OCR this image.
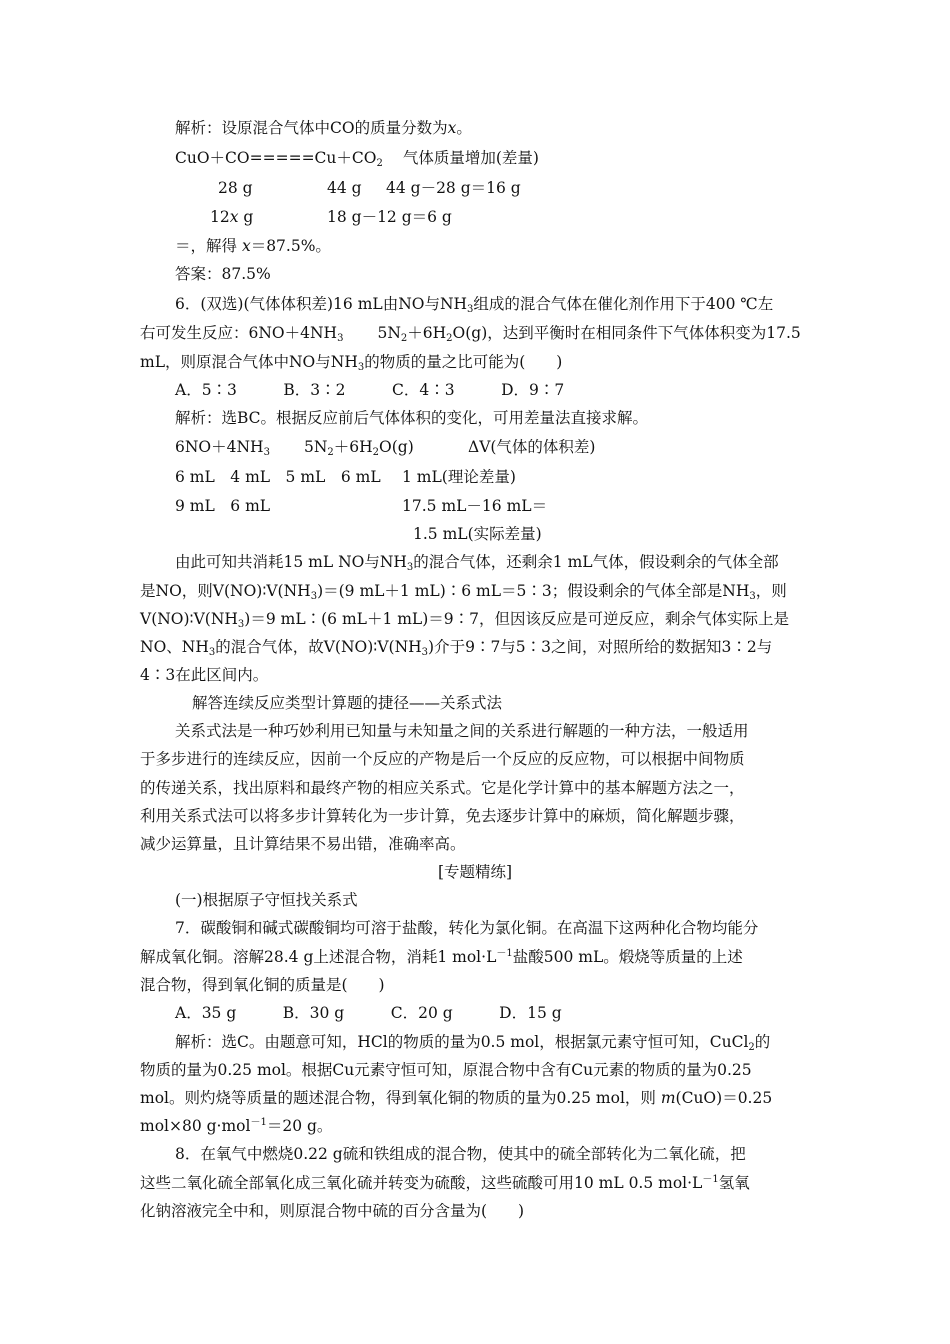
解析：设原混合气体中CO的质量分数为x。
$CuO+CO=====Cu+CO_2$ 气体质量增加(差量)
28 g	44 g 44 g－28 g＝16 g
12x g	18 g－12 g＝6 g
＝，解得 x＝87.5%。
答案：87.5%
6．(双选)(气体体积差)16 mL由NO与$NH_3$组成的混合气体在催化剂作用下于400 ℃左
右可发生反应：$6NO+4NH_3$ $5N_2+6H_2O(g)$，达到平衡时在相同条件下气体体积变为17.5
mL，则原混合气体中NO与$NH_3$的物质的量之比可能为(　　)
A．5∶3　　　B．3∶2　　　C．4∶3　　　D．9∶7
解析：选BC。根据反应前后气体体积的变化，可用差量法直接求解。
$6NO+4NH_3$ $5N_2+6H_2O(g)$	ΔV(气体的体积差)
6 mL　4 mL　5 mL　6 mL 1 mL(理论差量)
9 mL　6 mL	17.5 mL－16 mL＝
1.5 mL(实际差量)
由此可知共消耗15 mL NO与$NH_3$的混合气体，还剩余1 mL气体，假设剩余的气体全部
是NO，则$V(NO)∶V(NH_3)=(9$ mL＋1 mL)∶6 mL＝5∶3；假设剩余的气体全部是$NH_3$，则
$V(NO)∶V(NH_3)=9$ mL∶(6 mL＋1 mL)＝9∶7，但因该反应是可逆反应，剩余气体实际上是
NO、$NH_3$的混合气体，故$V(NO)∶V(NH_3)$介于9∶7与5∶3之间，对照所给的数据知3∶2与
4∶3在此区间内。
解答连续反应类型计算题的捷径——关系式法
关系式法是一种巧妙利用已知量与未知量之间的关系进行解题的一种方法，一般适用
于多步进行的连续反应，因前一个反应的产物是后一个反应的反应物，可以根据中间物质
的传递关系，找出原料和最终产物的相应关系式。它是化学计算中的基本解题方法之一，
利用关系式法可以将多步计算转化为一步计算，免去逐步计算中的麻烦，简化解题步骤，
减少运算量，且计算结果不易出错，准确率高。
[专题精练]
(一)根据原子守恒找关系式
7．碳酸铜和碱式碳酸铜均可溶于盐酸，转化为氯化铜。在高温下这两种化合物均能分
解成氧化铜。溶解28.4 g上述混合物，消耗1 $mol\cdot L^{-1}$盐酸500 mL。煅烧等质量的上述
混合物，得到氧化铜的质量是(　　)
A．35 g　　　B．30 g　　　C．20 g　　　D．15 g
解析：选C。由题意可知，HCl的物质的量为0.5 mol，根据氯元素守恒可知，CuCl$_2$的
物质的量为0.25 mol。根据Cu元素守恒可知，原混合物中含有Cu元素的物质的量为0.25
mol。则灼烧等质量的题述混合物，得到氧化铜的物质的量为0.25 mol，则 m(CuO)＝0.25
mol×80 g·mol$^{-1}$＝20 g。
8．在氧气中燃烧0.22 g硫和铁组成的混合物，使其中的硫全部转化为二氧化硫，把
这些二氧化硫全部氧化成三氧化硫并转变为硫酸，这些硫酸可用10 mL 0.5 $mol\cdot L^{-1}$氢氧
化钠溶液完全中和，则原混合物中硫的百分含量为(　　)
